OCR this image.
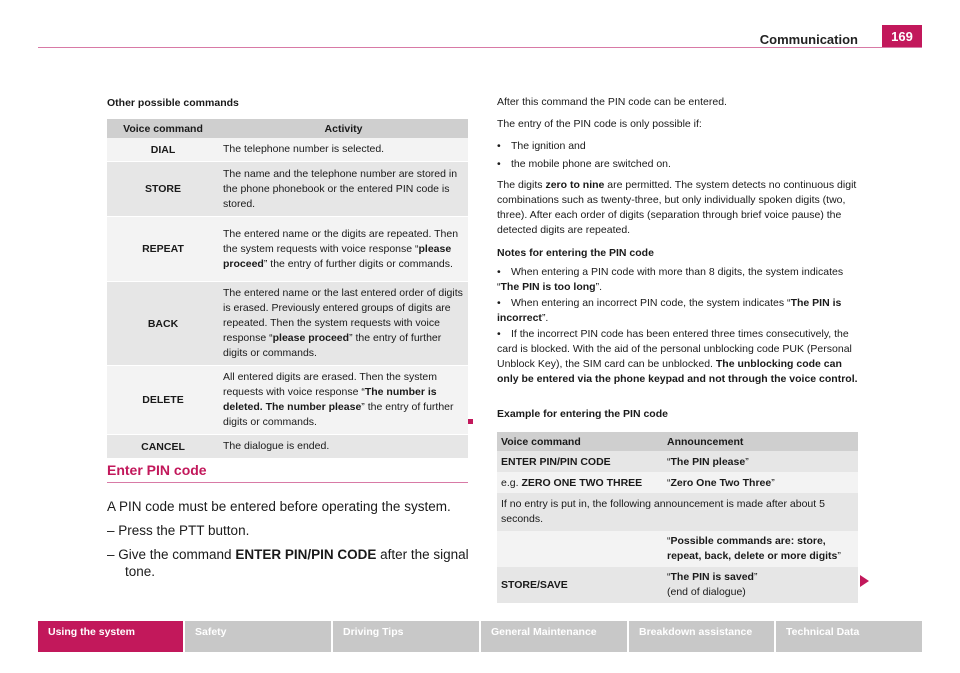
Communication	169
Other possible commands
Voice command	Activity
DIAL	The telephone number is selected.
STORE	The name and the telephone number are stored in the phone phonebook or the entered PIN code is stored.
REPEAT	The entered name or the digits are repeated. Then the system requests with voice response “please proceed” the entry of further digits or commands.
BACK	The entered name or the last entered order of digits is erased. Previously entered groups of digits are repeated. Then the system requests with voice response “please proceed” the entry of further digits or commands.
DELETE	All entered digits are erased. Then the system requests with voice response “The number is deleted. The number please” the entry of further digits or commands.
CANCEL	The dialogue is ended.
Enter PIN code
A PIN code must be entered before operating the system.
– Press the PTT button.
– Give the command ENTER PIN/PIN CODE after the signal
tone.
After this command the PIN code can be entered.
The entry of the PIN code is only possible if:
• The ignition and
• the mobile phone are switched on.
The digits zero to nine are permitted. The system detects no continuous digit combinations such as twenty-three, but only individually spoken digits (two, three). After each order of digits (separation through brief voice pause) the detected digits are repeated.
Notes for entering the PIN code
• When entering a PIN code with more than 8 digits, the system indicates “The PIN is too long”.
• When entering an incorrect PIN code, the system indicates “The PIN is incorrect”.
• If the incorrect PIN code has been entered three times consecutively, the card is blocked. With the aid of the personal unblocking code PUK (Personal Unblock Key), the SIM card can be unblocked. The unblocking code can only be entered via the phone keypad and not through the voice control.
Example for entering the PIN code
Voice command	Announcement
ENTER PIN/PIN CODE	“The PIN please”
e.g. ZERO ONE TWO THREE	“Zero One Two Three”
If no entry is put in, the following announcement is made after about 5 seconds.	
	“Possible commands are: store, repeat, back, delete or more digits”
STORE/SAVE	“The PIN is saved”
(end of dialogue)
Using the system	Safety	Driving Tips	General Maintenance	Breakdown assistance	Technical Data
